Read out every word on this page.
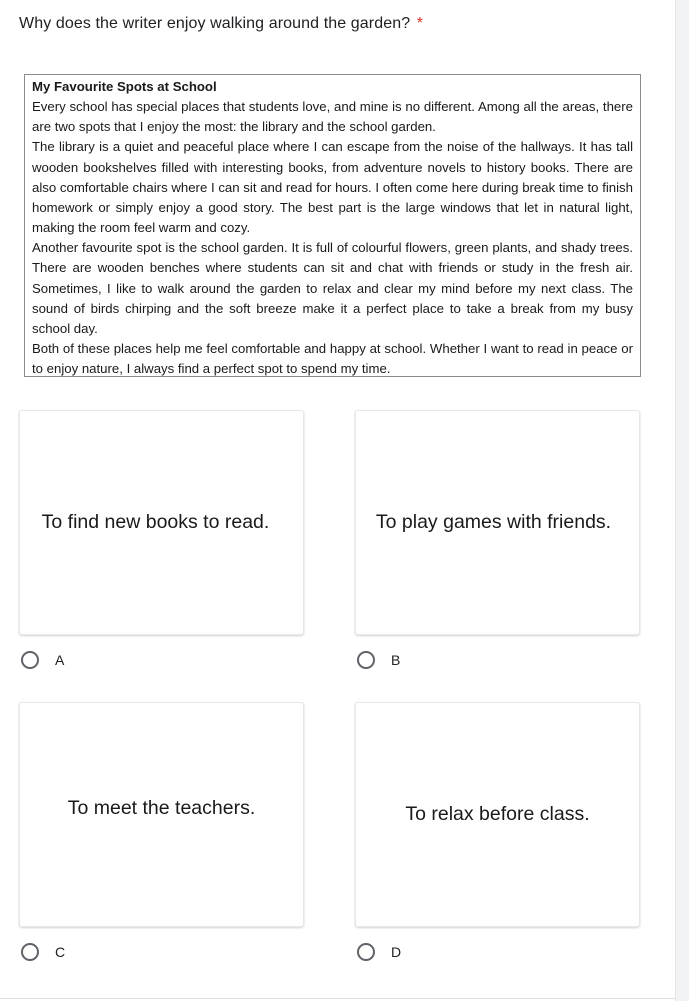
Why does the writer enjoy walking around the garden? *

My Favourite Spots at School

Every school has special places that students love, and mine is no different. Among all the areas, there are two spots that I enjoy the most: the library and the school garden.

The library is a quiet and peaceful place where I can escape from the noise of the hallways. It has tall wooden bookshelves filled with interesting books, from adventure novels to history books. There are also comfortable chairs where I can sit and read for hours. I often come here during break time to finish homework or simply enjoy a good story. The best part is the large windows that let in natural light, making the room feel warm and cozy.

Another favourite spot is the school garden. It is full of colourful flowers, green plants, and shady trees. There are wooden benches where students can sit and chat with friends or study in the fresh air. Sometimes, I like to walk around the garden to relax and clear my mind before my next class. The sound of birds chirping and the soft breeze make it a perfect place to take a break from my busy school day.

Both of these places help me feel comfortable and happy at school. Whether I want to read in peace or to enjoy nature, I always find a perfect spot to spend my time.

To find new books to read.
A
To play games with friends.
B
To meet the teachers.
C
To relax before class.
D
